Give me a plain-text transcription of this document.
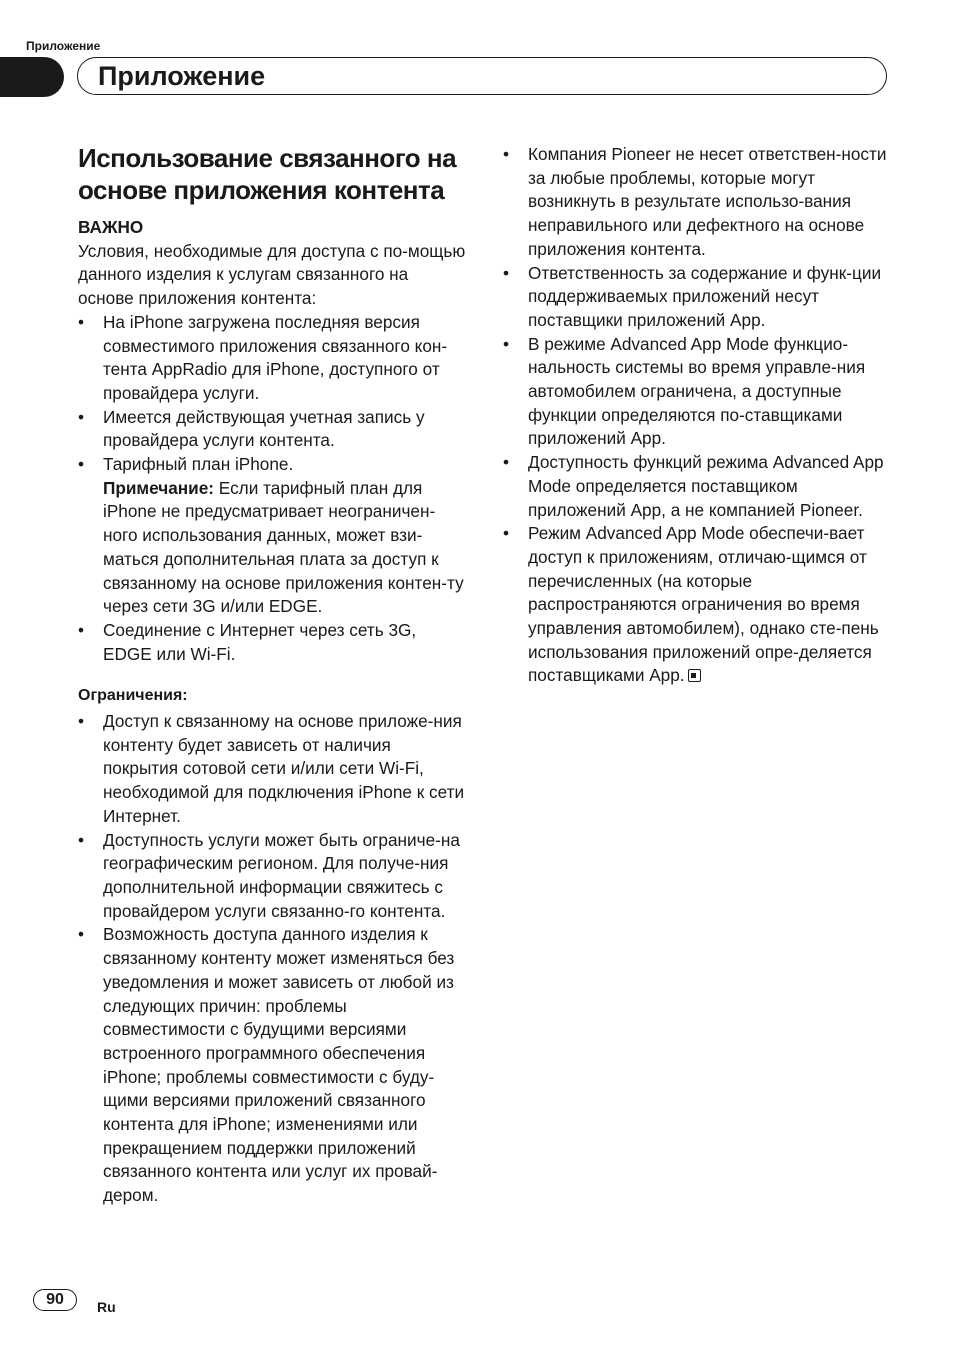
Приложение
Приложение
Использование связанного на
основе приложения контента

ВАЖНО

Условия, необходимые для доступа с по-мощью данного изделия к услугам связанного на основе приложения контента:

• На iPhone загружена последняя версия совместимого приложения связанного кон-тента AppRadio для iPhone, доступного от провайдера услуги.
• Имеется действующая учетная запись у провайдера услуги контента.
• Тарифный план iPhone.
Примечание: Если тарифный план для iPhone не предусматривает неограничен-ного использования данных, может взи-маться дополнительная плата за доступ к связанному на основе приложения контен-ту через сети 3G и/или EDGE.
• Соединение с Интернет через сеть 3G, EDGE или Wi-Fi.

Ограничения:

• Доступ к связанному на основе приложе-ния контенту будет зависеть от наличия покрытия сотовой сети и/или сети Wi-Fi, необходимой для подключения iPhone к сети Интернет.
• Доступность услуги может быть ограниче-на географическим регионом. Для получе-ния дополнительной информации свяжитесь с провайдером услуги связанно-го контента.
• Возможность доступа данного изделия к связанному контенту может изменяться без уведомления и может зависеть от любой из следующих причин: проблемы совместимости с будущими версиями встроенного программного обеспечения iPhone; проблемы совместимости с буду-щими версиями приложений связанного контента для iPhone; изменениями или прекращением поддержки приложений связанного контента или услуг их провай-дером.
• Компания Pioneer не несет ответствен-ности за любые проблемы, которые могут возникнуть в результате использо-вания неправильного или дефектного на основе приложения контента.
• Ответственность за содержание и функ-ции поддерживаемых приложений несут поставщики приложений App.
• В режиме Advanced App Mode функцио-нальность системы во время управле-ния автомобилем ограничена, а доступные функции определяются по-ставщиками приложений App.
• Доступность функций режима Advanced App Mode определяется поставщиком приложений App, а не компанией Pioneer.
• Режим Advanced App Mode обеспечи-вает доступ к приложениям, отличаю-щимся от перечисленных (на которые распространяются ограничения во время управления автомобилем), однако сте-пень использования приложений опре-деляется поставщиками App.
90	Ru
